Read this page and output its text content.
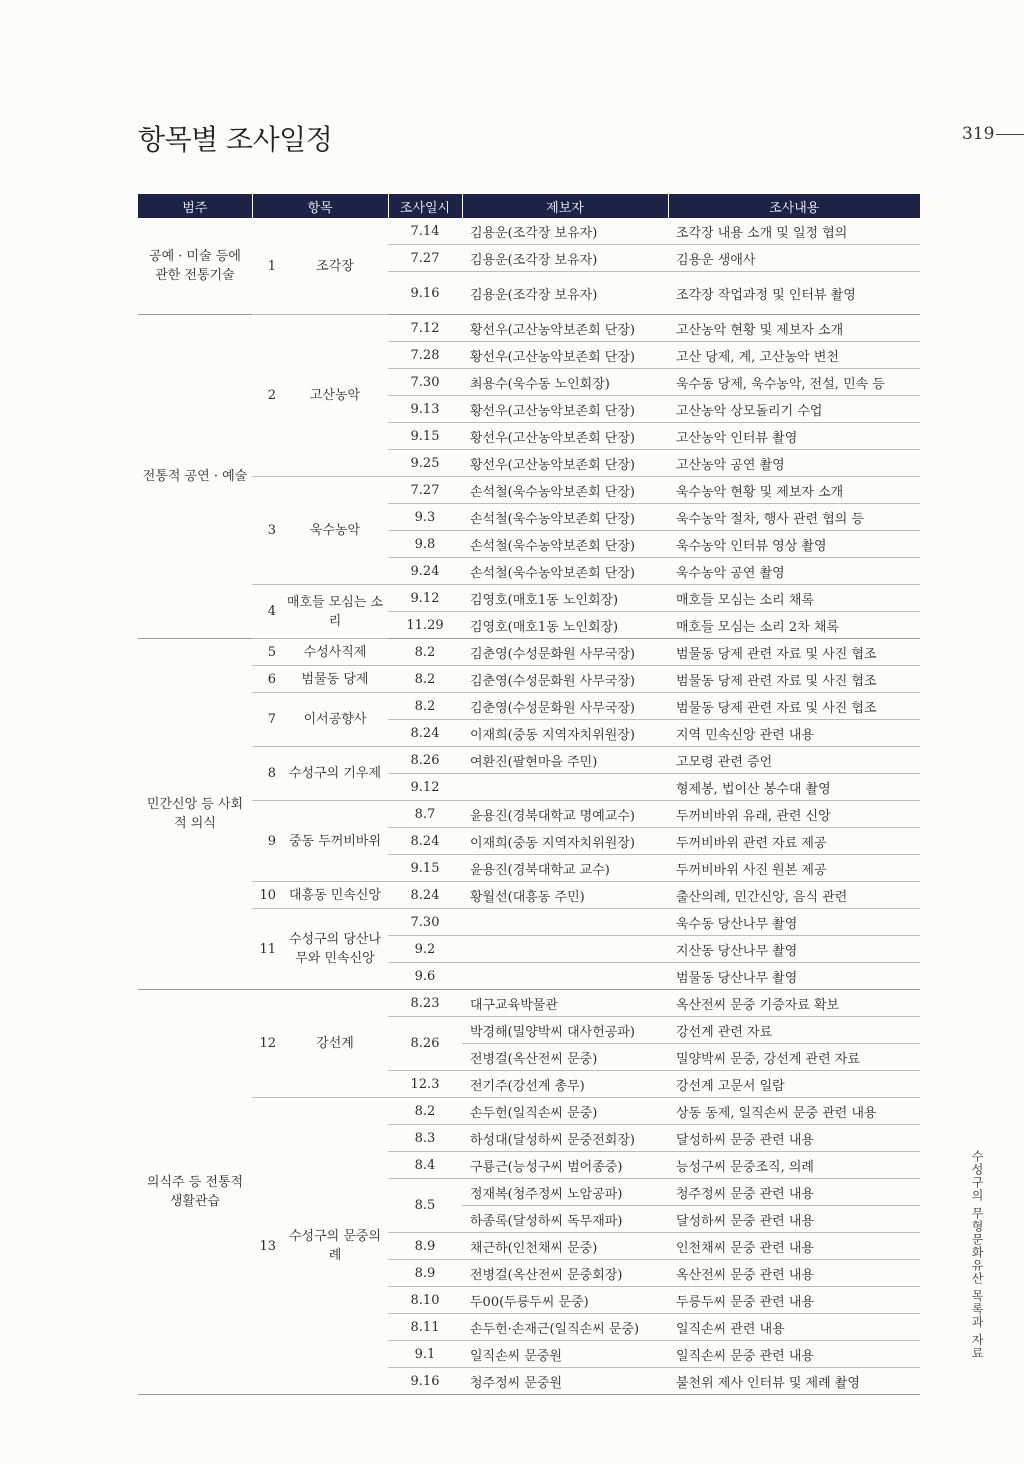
항목별 조사일정	319
수성구의 무형문화유산 목록과 자료
범주	항목		조사일시	제보자	조사내용
공예 · 미술 등에 관한 전통기술	1	조각장	7.14	김용운(조각장 보유자)	조각장 내용 소개 및 일정 협의
			7.27	김용운(조각장 보유자)	김용운 생애사
			9.16	김용운(조각장 보유자)	조각장 작업과정 및 인터뷰 촬영
전통적 공연 · 예술	2	고산농악	7.12	황선우(고산농악보존회 단장)	고산농악 현황 및 제보자 소개
			7.28	황선우(고산농악보존회 단장)	고산 당제, 계, 고산농악 변천
			7.30	최용수(욱수동 노인회장)	욱수동 당제, 욱수농악, 전설, 민속 등
			9.13	황선우(고산농악보존회 단장)	고산농악 상모돌리기 수업
			9.15	황선우(고산농악보존회 단장)	고산농악 인터뷰 촬영
			9.25	황선우(고산농악보존회 단장)	고산농악 공연 촬영
	3	욱수농악	7.27	손석철(욱수농악보존회 단장)	욱수농악 현황 및 제보자 소개
			9.3	손석철(욱수농악보존회 단장)	욱수농악 절차, 행사 관련 협의 등
			9.8	손석철(욱수농악보존회 단장)	욱수농악 인터뷰 영상 촬영
			9.24	손석철(욱수농악보존회 단장)	욱수농악 공연 촬영
	4	매호들 모심는 소리	9.12	김영호(매호1동 노인회장)	매호들 모심는 소리 채록
			11.29	김영호(매호1동 노인회장)	매호들 모심는 소리 2차 채록
민간신앙 등 사회적 의식	5	수성사직제	8.2	김춘영(수성문화원 사무국장)	범물동 당제 관련 자료 및 사진 협조
	6	범물동 당제	8.2	김춘영(수성문화원 사무국장)	범물동 당제 관련 자료 및 사진 협조
	7	이서공향사	8.2	김춘영(수성문화원 사무국장)	범물동 당제 관련 자료 및 사진 협조
			8.24	이재희(중동 지역자치위원장)	지역 민속신앙 관련 내용
	8	수성구의 기우제	8.26	여환진(팔현마을 주민)	고모령 관련 증언
			9.12		형제봉, 법이산 봉수대 촬영
	9	중동 두꺼비바위	8.7	윤용진(경북대학교 명예교수)	두꺼비바위 유래, 관련 신앙
			8.24	이재희(중동 지역자치위원장)	두꺼비바위 관련 자료 제공
			9.15	윤용진(경북대학교 교수)	두꺼비바위 사진 원본 제공
	10	대흥동 민속신앙	8.24	황월선(대흥동 주민)	출산의례, 민간신앙, 음식 관련
	11	수성구의 당산나무와 민속신앙	7.30		욱수동 당산나무 촬영
			9.2		지산동 당산나무 촬영
			9.6		범물동 당산나무 촬영
의식주 등 전통적 생활관습	12	강선계	8.23	대구교육박물관	옥산전씨 문중 기증자료 확보
			8.26	박경해(밀양박씨 대사헌공파)	강선계 관련 자료
				전병걸(옥산전씨 문중)	밀양박씨 문중, 강선계 관련 자료
			12.3	전기주(강선계 총무)	강선계 고문서 일람
	13	수성구의 문중의례	8.2	손두헌(일직손씨 문중)	상동 동제, 일직손씨 문중 관련 내용
			8.3	하성대(달성하씨 문중전회장)	달성하씨 문중 관련 내용
			8.4	구룡근(능성구씨 범어종중)	능성구씨 문중조직, 의례
			8.5	정재복(청주정씨 노암공파)	청주정씨 문중 관련 내용
				하종록(달성하씨 독무재파)	달성하씨 문중 관련 내용
			8.9	채근하(인천채씨 문중)	인천채씨 문중 관련 내용
			8.9	전병걸(옥산전씨 문중회장)	옥산전씨 문중 관련 내용
			8.10	두00(두릉두씨 문중)	두릉두씨 문중 관련 내용
			8.11	손두헌·손재근(일직손씨 문중)	일직손씨 관련 내용
			9.1	일직손씨 문중원	일직손씨 문중 관련 내용
			9.16	청주정씨 문중원	불천위 제사 인터뷰 및 제례 촬영
